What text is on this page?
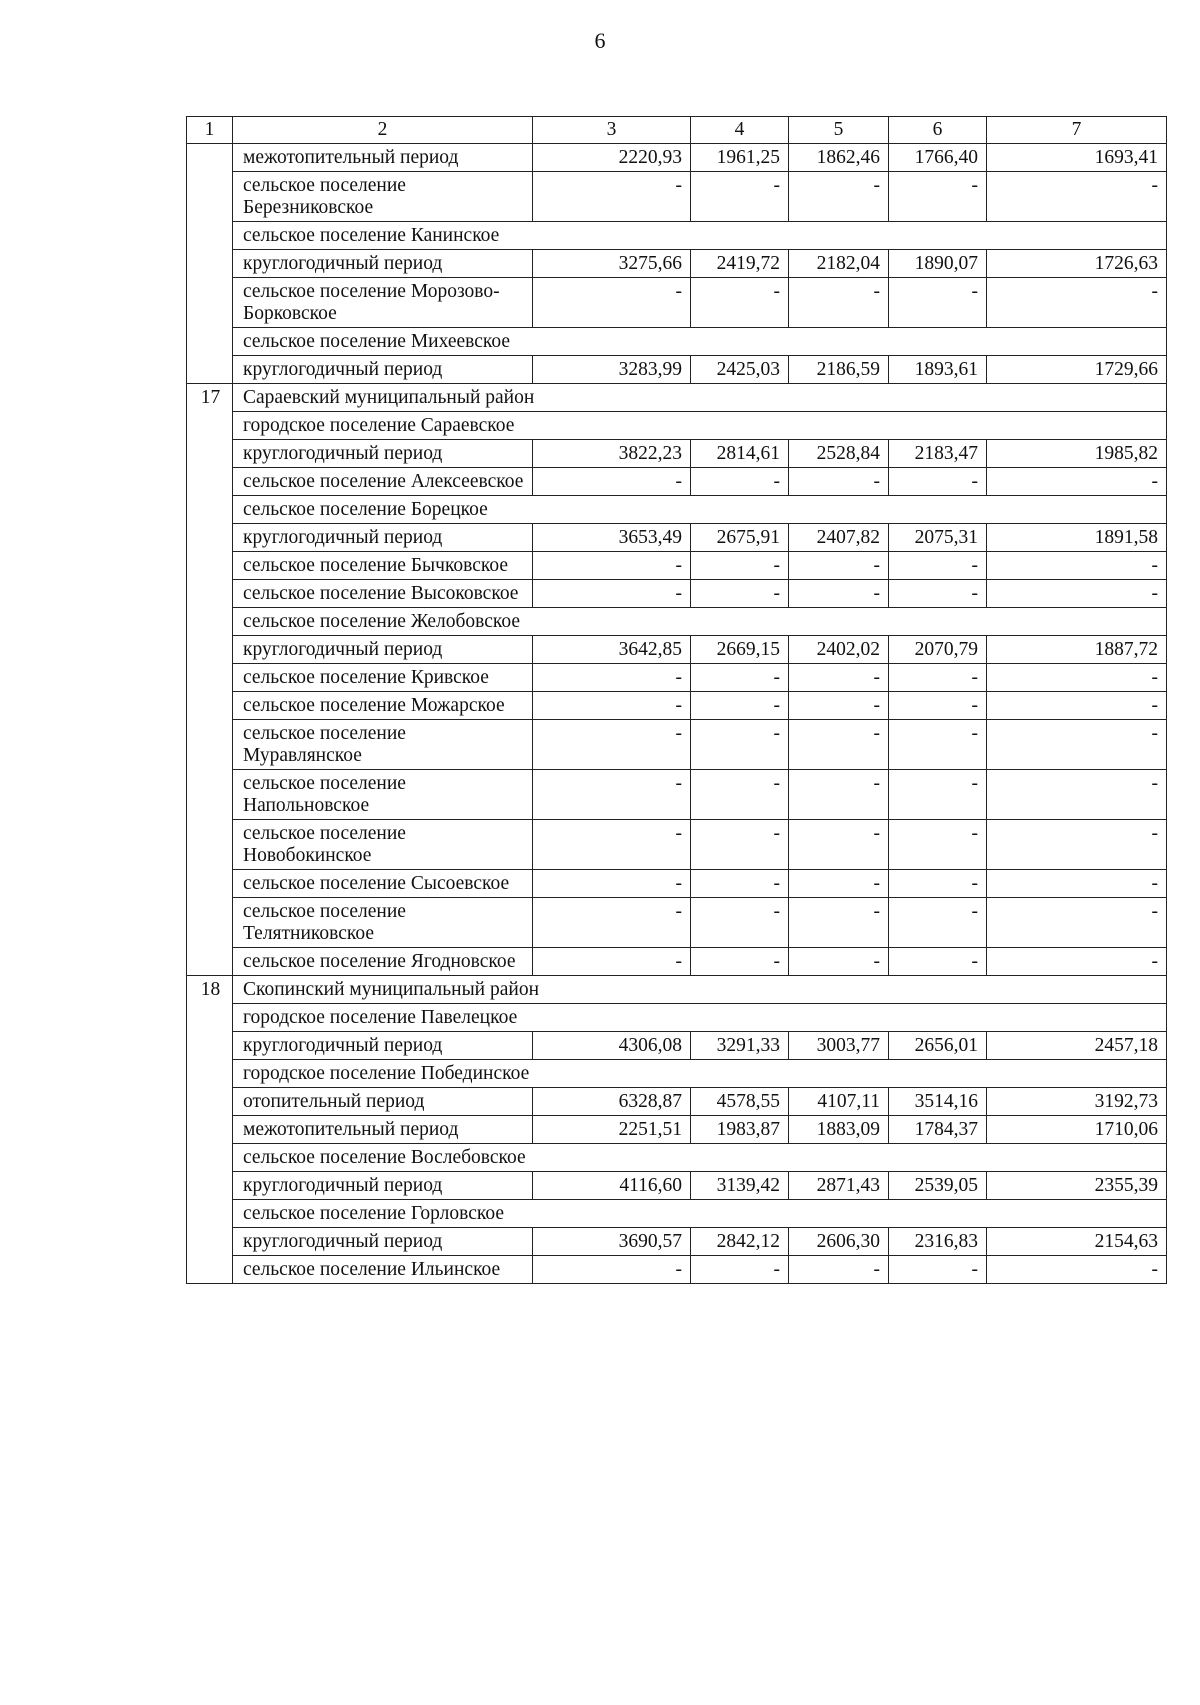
6
1	2	3	4	5	6	7
	межотопительный период	2220,93	1961,25	1862,46	1766,40	1693,41
	сельское поселение Березниковское	-	-	-	-	-
	сельское поселение Канинское					
	круглогодичный период	3275,66	2419,72	2182,04	1890,07	1726,63
	сельское поселение Морозово-Борковское	-	-	-	-	-
	сельское поселение Михеевское					
	круглогодичный период	3283,99	2425,03	2186,59	1893,61	1729,66
17	Сараевский муниципальный район					
	городское поселение Сараевское					
	круглогодичный период	3822,23	2814,61	2528,84	2183,47	1985,82
	сельское поселение Алексеевское	-	-	-	-	-
	сельское поселение Борецкое					
	круглогодичный период	3653,49	2675,91	2407,82	2075,31	1891,58
	сельское поселение Бычковское	-	-	-	-	-
	сельское поселение Высоковское	-	-	-	-	-
	сельское поселение Желобовское					
	круглогодичный период	3642,85	2669,15	2402,02	2070,79	1887,72
	сельское поселение Кривское	-	-	-	-	-
	сельское поселение Можарское	-	-	-	-	-
	сельское поселение Муравлянское	-	-	-	-	-
	сельское поселение Напольновское	-	-	-	-	-
	сельское поселение Новобокинское	-	-	-	-	-
	сельское поселение Сысоевское	-	-	-	-	-
	сельское поселение Телятниковское	-	-	-	-	-
	сельское поселение Ягодновское	-	-	-	-	-
18	Скопинский муниципальный район					
	городское поселение Павелецкое					
	круглогодичный период	4306,08	3291,33	3003,77	2656,01	2457,18
	городское поселение Побединское					
	отопительный период	6328,87	4578,55	4107,11	3514,16	3192,73
	межотопительный период	2251,51	1983,87	1883,09	1784,37	1710,06
	сельское поселение Вослебовское					
	круглогодичный период	4116,60	3139,42	2871,43	2539,05	2355,39
	сельское поселение Горловское					
	круглогодичный период	3690,57	2842,12	2606,30	2316,83	2154,63
	сельское поселение Ильинское	-	-	-	-	-
